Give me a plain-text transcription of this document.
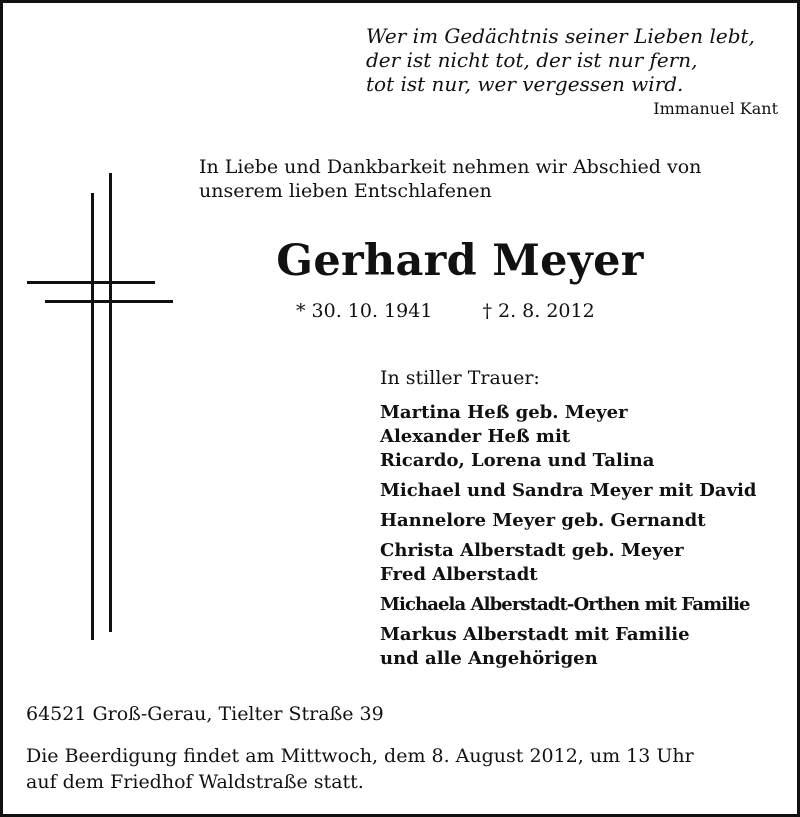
Wer im Gedächtnis seiner Lieben lebt,
der ist nicht tot, der ist nur fern,
tot ist nur, wer vergessen wird.
Immanuel Kant
In Liebe und Dankbarkeit nehmen wir Abschied von
unserem lieben Entschlafenen
Gerhard Meyer
* 30. 10. 1941	† 2. 8. 2012
In stiller Trauer:
Martina Heß geb. Meyer
Alexander Heß mit
Ricardo, Lorena und Talina
Michael und Sandra Meyer mit David
Hannelore Meyer geb. Gernandt
Christa Alberstadt geb. Meyer
Fred Alberstadt
Michaela Alberstadt-Orthen mit Familie
Markus Alberstadt mit Familie
und alle Angehörigen
64521 Groß-Gerau, Tielter Straße 39
Die Beerdigung findet am Mittwoch, dem 8. August 2012, um 13 Uhr
auf dem Friedhof Waldstraße statt.
